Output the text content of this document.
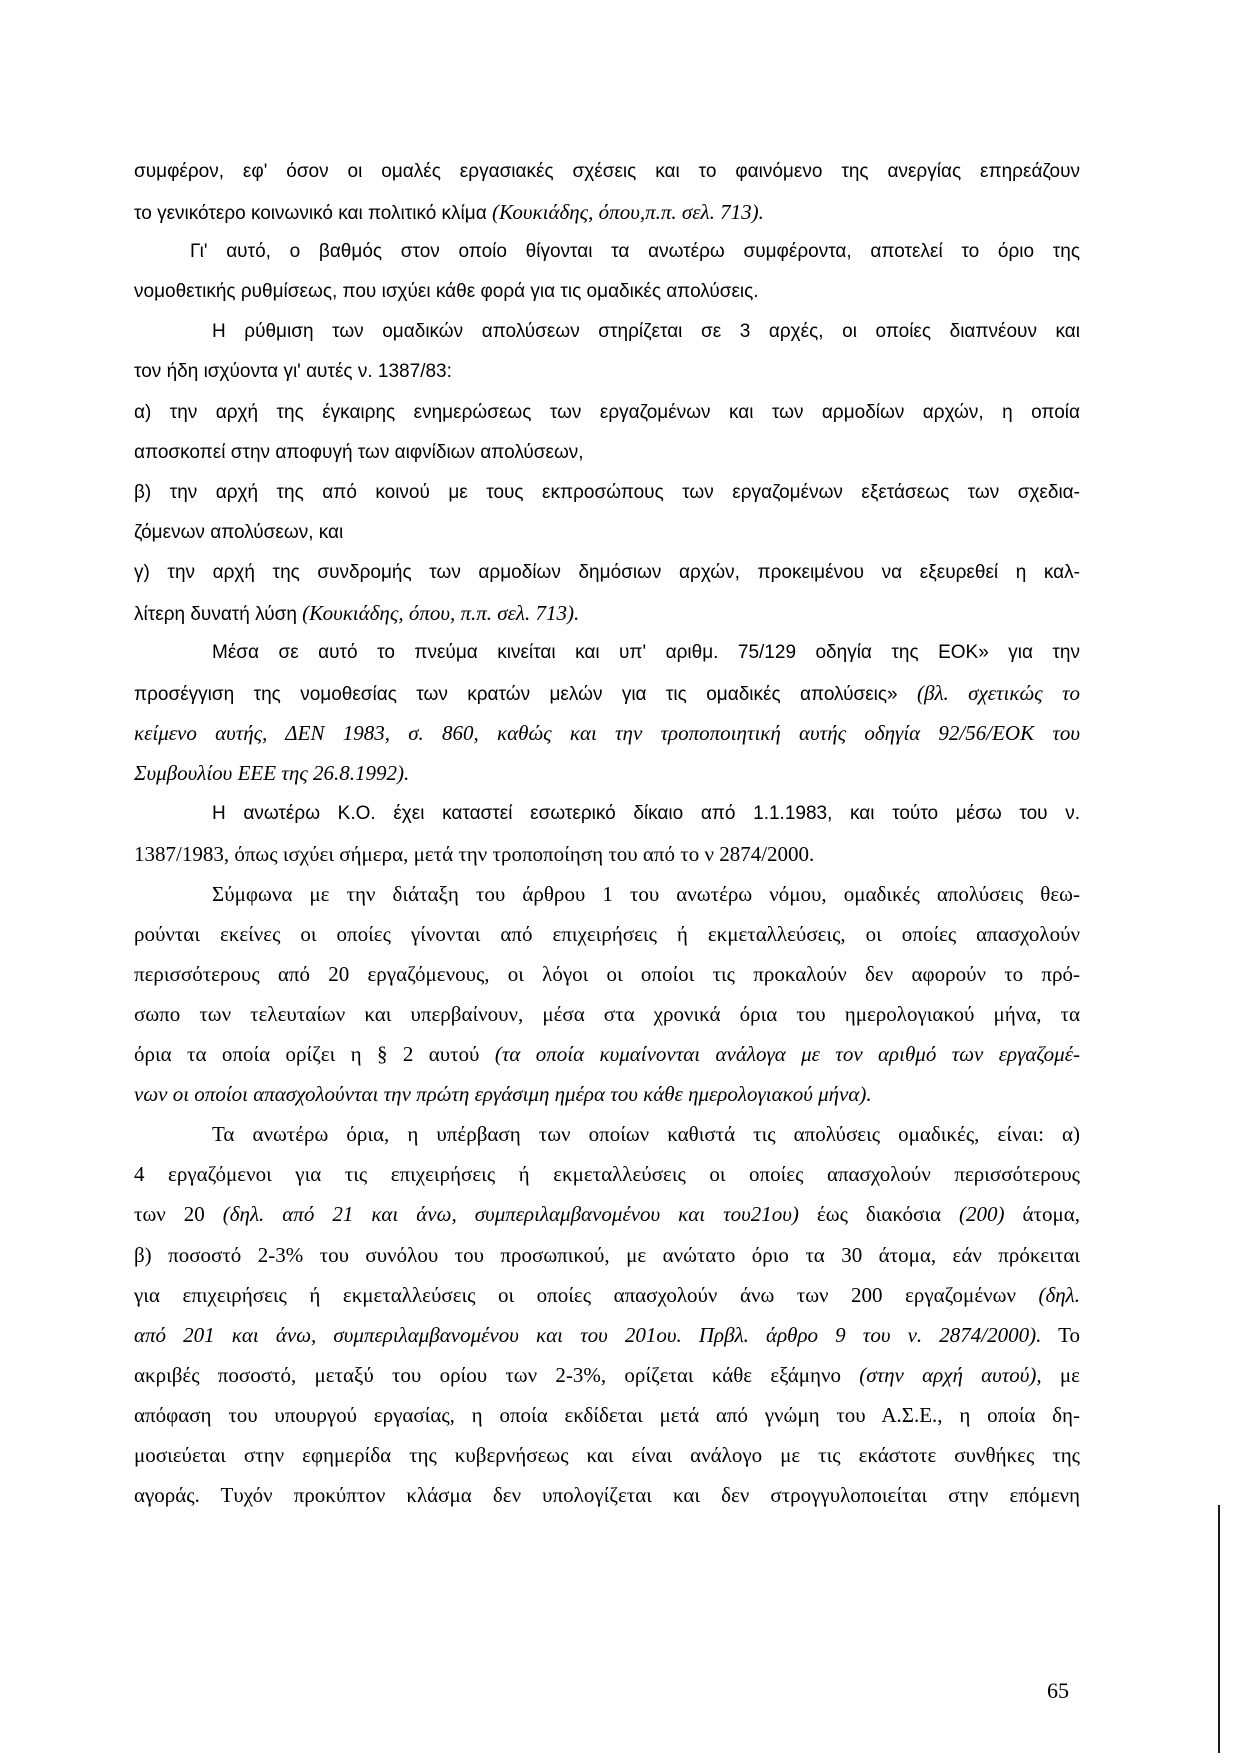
συμφέρον, εφ' όσον οι ομαλές εργασιακές σχέσεις και το φαινόμενο της ανεργίας επηρεάζουν
το γενικότερο κοινωνικό και πολιτικό κλίμα (Κουκιάδης, όπου,π.π. σελ. 713).
Γι' αυτό, ο βαθμός στον οποίο θίγονται τα ανωτέρω συμφέροντα, αποτελεί το όριο της
νομοθετικής ρυθμίσεως, που ισχύει κάθε φορά για τις ομαδικές απολύσεις.
Η ρύθμιση των ομαδικών απολύσεων στηρίζεται σε 3 αρχές, οι οποίες διαπνέουν και
τον ήδη ισχύοντα γι' αυτές ν. 1387/83:
α) την αρχή της έγκαιρης ενημερώσεως των εργαζομένων και των αρμοδίων αρχών, η οποία
αποσκοπεί στην αποφυγή των αιφνίδιων απολύσεων,
β) την αρχή της από κοινού με τους εκπροσώπους των εργαζομένων εξετάσεως των σχεδια-
ζόμενων απολύσεων, και
γ) την αρχή της συνδρομής των αρμοδίων δημόσιων αρχών, προκειμένου να εξευρεθεί η καλ-
λίτερη δυνατή λύση (Κουκιάδης, όπου, π.π. σελ. 713).
Μέσα σε αυτό το πνεύμα κινείται και υπ' αριθμ. 75/129 οδηγία της ΕΟΚ» για την
προσέγγιση της νομοθεσίας των κρατών μελών για τις ομαδικές απολύσεις» (βλ. σχετικώς το
κείμενο αυτής, ΔΕΝ 1983, σ. 860, καθώς και την τροποποιητική αυτής οδηγία 92/56/ΕΟΚ του
Συμβουλίου ΕΕΕ της 26.8.1992).
Η ανωτέρω Κ.Ο. έχει καταστεί εσωτερικό δίκαιο από 1.1.1983, και τούτο μέσω του ν.
1387/1983, όπως ισχύει σήμερα, μετά την τροποποίηση του από το ν 2874/2000.
Σύμφωνα με την διάταξη του άρθρου 1 του ανωτέρω νόμου, ομαδικές απολύσεις θεω-
ρούνται εκείνες οι οποίες γίνονται από επιχειρήσεις ή εκμεταλλεύσεις, οι οποίες απασχολούν
περισσότερους από 20 εργαζόμενους, οι λόγοι οι οποίοι τις προκαλούν δεν αφορούν το πρό-
σωπο των τελευταίων και υπερβαίνουν, μέσα στα χρονικά όρια του ημερολογιακού μήνα, τα
όρια τα οποία ορίζει η § 2 αυτού (τα οποία κυμαίνονται ανάλογα με τον αριθμό των εργαζομέ-
νων οι οποίοι απασχολούνται την πρώτη εργάσιμη ημέρα του κάθε ημερολογιακού μήνα).
Τα ανωτέρω όρια, η υπέρβαση των οποίων καθιστά τις απολύσεις ομαδικές, είναι: α)
4 εργαζόμενοι για τις επιχειρήσεις ή εκμεταλλεύσεις οι οποίες απασχολούν περισσότερους
των 20 (δηλ. από 21 και άνω, συμπεριλαμβανομένου και του21ου) έως διακόσια (200) άτομα,
β) ποσοστό 2-3% του συνόλου του προσωπικού, με ανώτατο όριο τα 30 άτομα, εάν πρόκειται
για επιχειρήσεις ή εκμεταλλεύσεις οι οποίες απασχολούν άνω των 200 εργαζομένων (δηλ.
από 201 και άνω, συμπεριλαμβανομένου και του 201ου. Πρβλ. άρθρο 9 του ν. 2874/2000). Το
ακριβές ποσοστό, μεταξύ του ορίου των 2-3%, ορίζεται κάθε εξάμηνο (στην αρχή αυτού), με
απόφαση του υπουργού εργασίας, η οποία εκδίδεται μετά από γνώμη του Α.Σ.Ε., η οποία δη-
μοσιεύεται στην εφημερίδα της κυβερνήσεως και είναι ανάλογο με τις εκάστοτε συνθήκες της
αγοράς. Τυχόν προκύπτον κλάσμα δεν υπολογίζεται και δεν στρογγυλοποιείται στην επόμενη
65
